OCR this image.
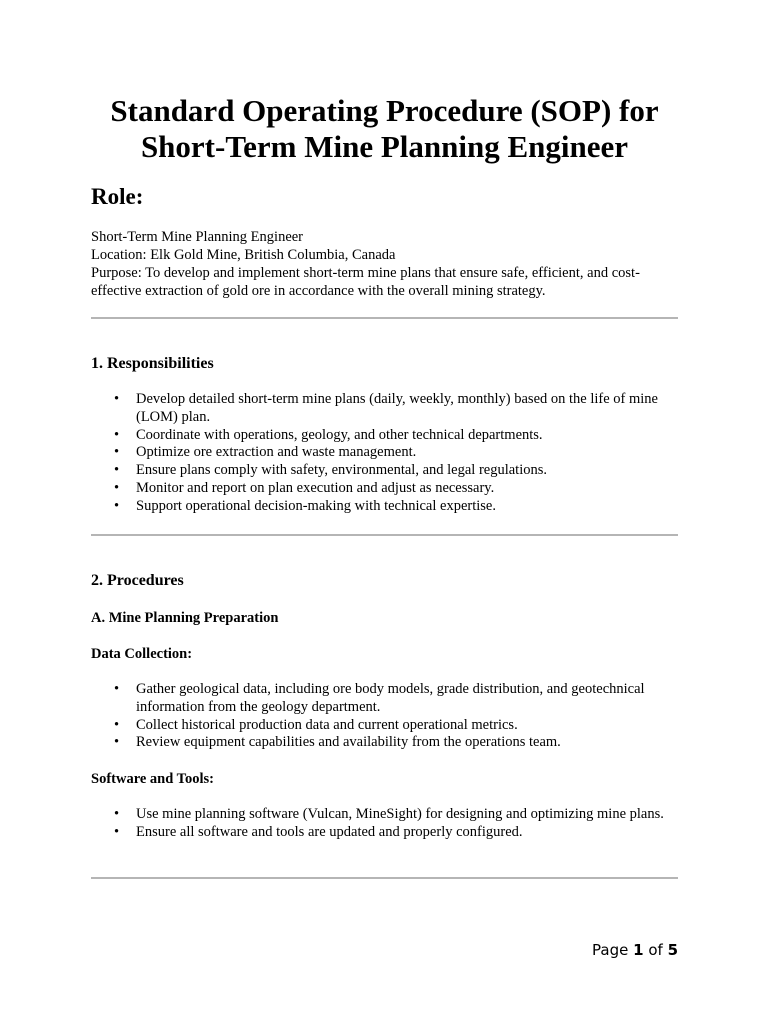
Standard Operating Procedure (SOP) for
Short-Term Mine Planning Engineer
Role:
Short-Term Mine Planning Engineer
Location: Elk Gold Mine, British Columbia, Canada
Purpose: To develop and implement short-term mine plans that ensure safe, efficient, and cost-effective extraction of gold ore in accordance with the overall mining strategy.
1. Responsibilities
• Develop detailed short-term mine plans (daily, weekly, monthly) based on the life of mine (LOM) plan.
• Coordinate with operations, geology, and other technical departments.
• Optimize ore extraction and waste management.
• Ensure plans comply with safety, environmental, and legal regulations.
• Monitor and report on plan execution and adjust as necessary.
• Support operational decision-making with technical expertise.
2. Procedures
A. Mine Planning Preparation
Data Collection:
• Gather geological data, including ore body models, grade distribution, and geotechnical information from the geology department.
• Collect historical production data and current operational metrics.
• Review equipment capabilities and availability from the operations team.
Software and Tools:
• Use mine planning software (Vulcan, MineSight) for designing and optimizing mine plans.
• Ensure all software and tools are updated and properly configured.
Page 1 of 5
